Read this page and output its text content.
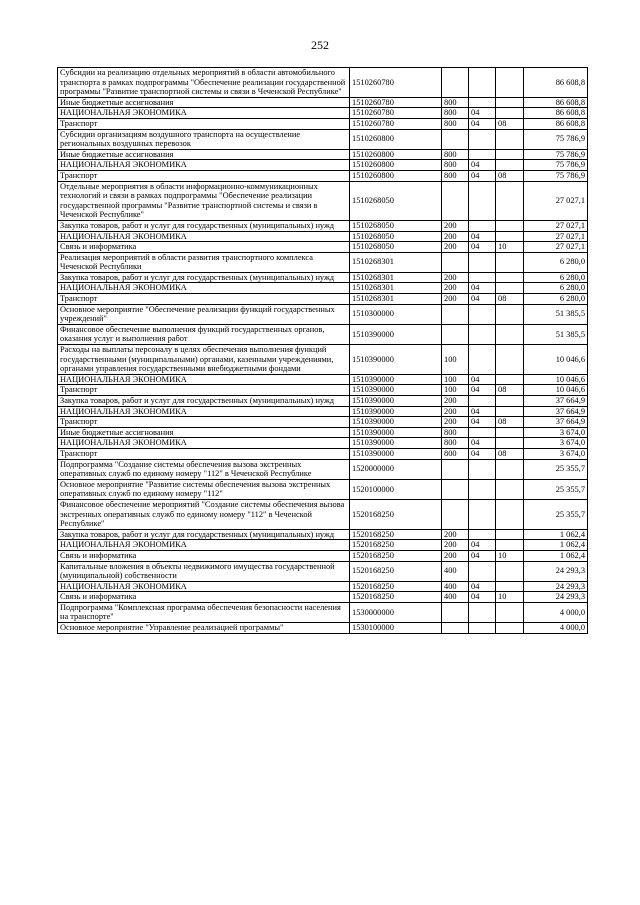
252
Субсидии на реализацию отдельных мероприятий в области автомобильного транспорта в рамках подпрограммы "Обеспечение реализации государственной программы "Развитие транспортной системы и связи в Чеченской Республике"	1510260780				86 608,8
Иные бюджетные ассигнования	1510260780	800			86 608,8
НАЦИОНАЛЬНАЯ ЭКОНОМИКА	1510260780	800	04		86 608,8
Транспорт	1510260780	800	04	08	86 608,8
Субсидии организациям воздушного транспорта на осуществление региональных воздушных перевозок	1510260800				75 786,9
Иные бюджетные ассигнования	1510260800	800			75 786,9
НАЦИОНАЛЬНАЯ ЭКОНОМИКА	1510260800	800	04		75 786,9
Транспорт	1510260800	800	04	08	75 786,9
Отдельные мероприятия в области информационно-коммуникационных технологий и связи в рамках подпрограммы "Обеспечение реализации государственной программы "Развитие транспортной системы и связи в Чеченской Республике"	1510268050				27 027,1
Закупка товаров, работ и услуг для государственных (муниципальных) нужд	1510268050	200			27 027,1
НАЦИОНАЛЬНАЯ ЭКОНОМИКА	1510268050	200	04		27 027,1
Связь и информатика	1510268050	200	04	10	27 027,1
Реализация мероприятий в области развития транспортного комплекса Чеченской Республики	1510268301				6 280,0
Закупка товаров, работ и услуг для государственных (муниципальных) нужд	1510268301	200			6 280,0
НАЦИОНАЛЬНАЯ ЭКОНОМИКА	1510268301	200	04		6 280,0
Транспорт	1510268301	200	04	08	6 280,0
Основное мероприятие "Обеспечение реализации функций государственных учреждений"	1510300000				51 385,5
Финансовое обеспечение выполнения функций государственных органов, оказания услуг и выполнения работ	1510390000				51 385,5
Расходы на выплаты персоналу в целях обеспечения выполнения функций государственными (муниципальными) органами, казенными учреждениями, органами управления государственными внебюджетными фондами	1510390000	100			10 046,6
НАЦИОНАЛЬНАЯ ЭКОНОМИКА	1510390000	100	04		10 046,6
Транспорт	1510390000	100	04	08	10 046,6
Закупка товаров, работ и услуг для государственных (муниципальных) нужд	1510390000	200			37 664,9
НАЦИОНАЛЬНАЯ ЭКОНОМИКА	1510390000	200	04		37 664,9
Транспорт	1510390000	200	04	08	37 664,9
Иные бюджетные ассигнования	1510390000	800			3 674,0
НАЦИОНАЛЬНАЯ ЭКОНОМИКА	1510390000	800	04		3 674,0
Транспорт	1510390000	800	04	08	3 674,0
Подпрограмма "Создание системы обеспечения вызова экстренных оперативных служб по единому номеру "112" в Чеченской Республике	1520000000				25 355,7
Основное мероприятие "Развитие системы обеспечения вызова экстренных оперативных служб по единому номеру "112"	1520100000				25 355,7
Финансовое обеспечение мероприятий "Создание системы обеспечения вызова экстренных оперативных служб по единому номеру "112" в Чеченской Республике"	1520168250				25 355,7
Закупка товаров, работ и услуг для государственных (муниципальных) нужд	1520168250	200			1 062,4
НАЦИОНАЛЬНАЯ ЭКОНОМИКА	1520168250	200	04		1 062,4
Связь и информатика	1520168250	200	04	10	1 062,4
Капитальные вложения в объекты недвижимого имущества государственной (муниципальной) собственности	1520168250	400			24 293,3
НАЦИОНАЛЬНАЯ ЭКОНОМИКА	1520168250	400	04		24 293,3
Связь и информатика	1520168250	400	04	10	24 293,3
Подпрограмма "Комплексная программа обеспечения безопасности населения на транспорте"	1530000000				4 000,0
Основное мероприятие "Управление реализацией программы"	1530100000				4 000,0
